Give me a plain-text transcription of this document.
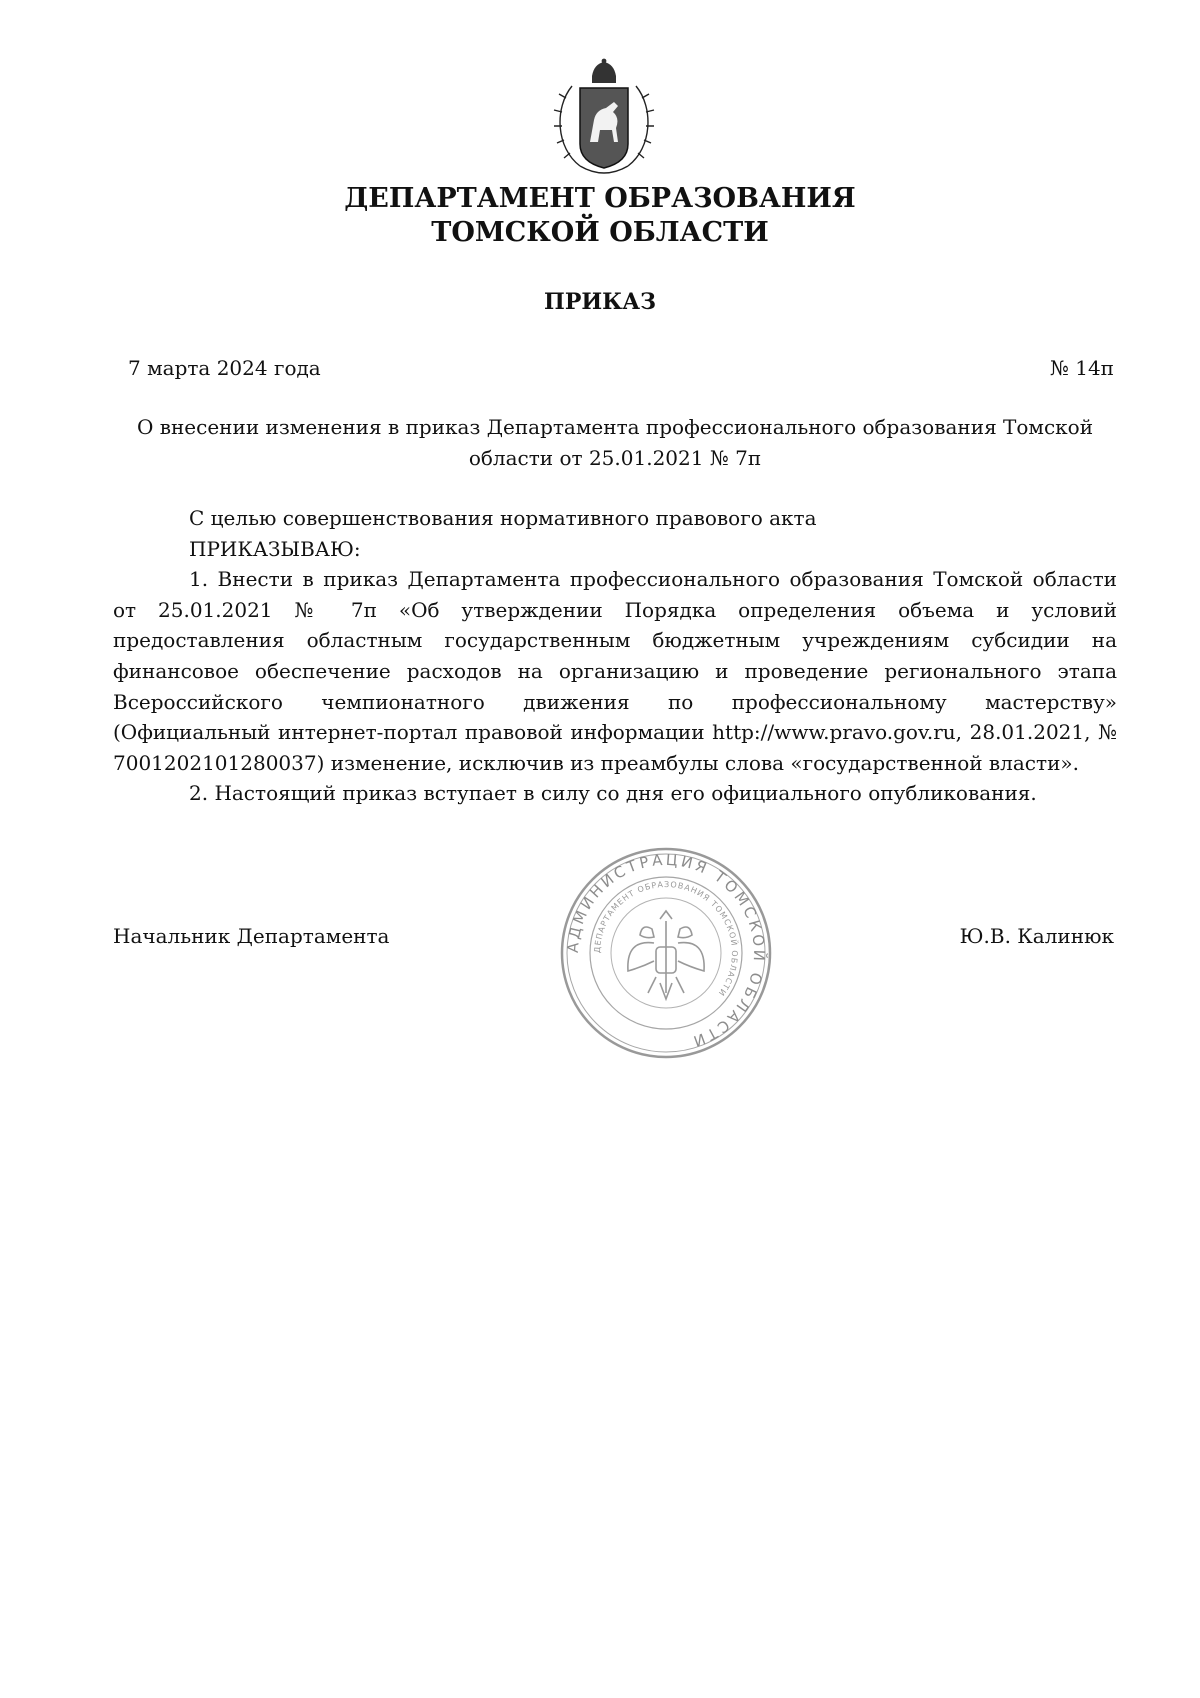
ДЕПАРТАМЕНТ ОБРАЗОВАНИЯ
ТОМСКОЙ ОБЛАСТИ
ПРИКАЗ
7 марта 2024 года	№ 14п
О внесении изменения в приказ Департамента профессионального образования Томской области от 25.01.2021 № 7п

С целью совершенствования нормативного правового акта

ПРИКАЗЫВАЮ:

1. Внести в приказ Департамента профессионального образования Томской области от 25.01.2021 № 7п «Об утверждении Порядка определения объема и условий предоставления областным государственным бюджетным учреждениям субсидии на финансовое обеспечение расходов на организацию и проведение регионального этапа Всероссийского чемпионатного движения по профессиональному мастерству» (Официальный интернет-портал правовой информации http://www.pravo.gov.ru, 28.01.2021, № 7001202101280037) изменение, исключив из преамбулы слова «государственной власти».

2. Настоящий приказ вступает в силу со дня его официального опубликования.

Начальник Департамента	Ю.В. Калинюк
АДМИНИСТРАЦИЯ ТОМСКОЙ ОБЛАСТИ
ДЕПАРТАМЕНТ ОБРАЗОВАНИЯ ТОМСКОЙ ОБЛАСТИ
